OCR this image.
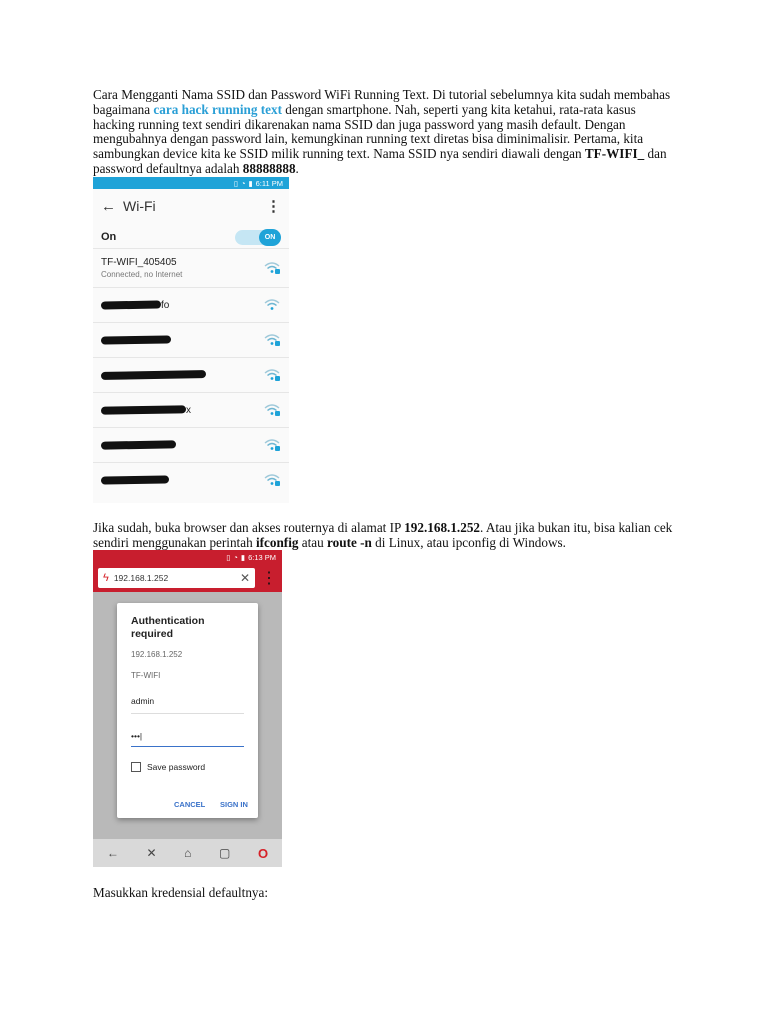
Cara Mengganti Nama SSID dan Password WiFi Running Text. Di tutorial sebelumnya kita sudah membahas bagaimana cara hack running text dengan smartphone. Nah, seperti yang kita ketahui, rata-rata kasus hacking running text sendiri dikarenakan nama SSID dan juga password yang masih default. Dengan mengubahnya dengan password lain, kemungkinan running text diretas bisa diminimalisir. Pertama, kita sambungkan device kita ke SSID milik running text. Nama SSID nya sendiri diawali dengan TF-WIFI_ dan password defaultnya adalah 88888888.

▯ ◔ ▮ 6:11 PM
← Wi-Fi	⋮
On	ON
TF-WIFI_405405
Connected, no Internet
fo
x

Jika sudah, buka browser dan akses routernya di alamat IP 192.168.1.252. Atau jika bukan itu, bisa kalian cek sendiri menggunakan perintah ifconfig atau route -n di Linux, atau ipconfig di Windows.

▯ ◔ ▮ 6:13 PM
ϟ 192.168.1.252	✕ ⋮
Authentication required
192.168.1.252
TF-WIFI
admin
•••|
Save password
CANCEL SIGN IN
← ✕ ⌂ ▢ O

Masukkan kredensial defaultnya:
